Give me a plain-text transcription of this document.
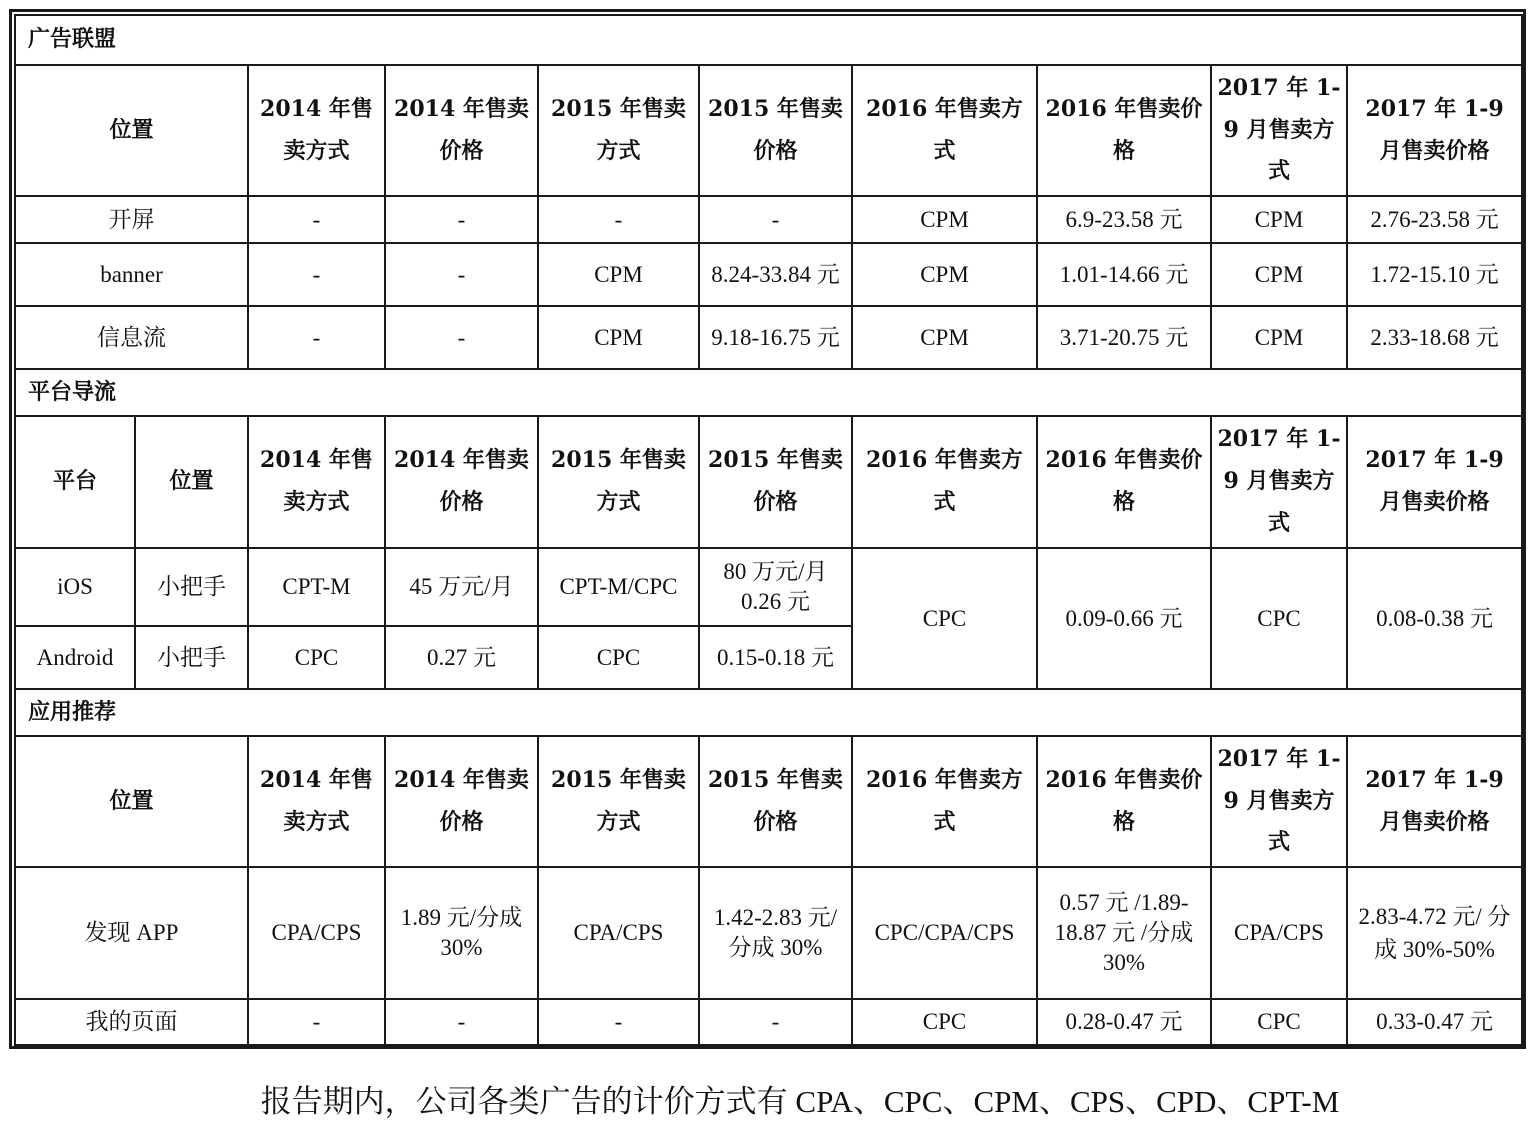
广告联盟									
位置		2014 年售卖方式	2014 年售卖价格	2015 年售卖方式	2015 年售卖价格	2016 年售卖方式	2016 年售卖价格	2017 年 1-9 月售卖方式	2017 年 1-9 月售卖价格
开屏		-	-	-	-	CPM	6.9-23.58 元	CPM	2.76-23.58 元
banner		-	-	CPM	8.24-33.84 元	CPM	1.01-14.66 元	CPM	1.72-15.10 元
信息流		-	-	CPM	9.18-16.75 元	CPM	3.71-20.75 元	CPM	2.33-18.68 元
平台导流									
平台	位置	2014 年售卖方式	2014 年售卖价格	2015 年售卖方式	2015 年售卖价格	2016 年售卖方式	2016 年售卖价格	2017 年 1-9 月售卖方式	2017 年 1-9 月售卖价格
iOS	小把手	CPT-M	45 万元/月	CPT-M/CPC	80 万元/月 0.26 元	CPC	0.09-0.66 元	CPC	0.08-0.38 元
Android	小把手	CPC	0.27 元	CPC	0.15-0.18 元				
应用推荐									
位置		2014 年售卖方式	2014 年售卖价格	2015 年售卖方式	2015 年售卖价格	2016 年售卖方式	2016 年售卖价格	2017 年 1-9 月售卖方式	2017 年 1-9 月售卖价格
发现 APP		CPA/CPS	1.89 元/分成 30%	CPA/CPS	1.42-2.83 元/分成 30%	CPC/CPA/CPS	0.57 元 /1.89-18.87 元 /分成 30%	CPA/CPS	2.83-4.72 元/ 分成 30%-50%
我的页面		-	-	-	-	CPC	0.28-0.47 元	CPC	0.33-0.47 元
报告期内，公司各类广告的计价方式有 CPA、CPC、CPM、CPS、CPD、CPT-M
